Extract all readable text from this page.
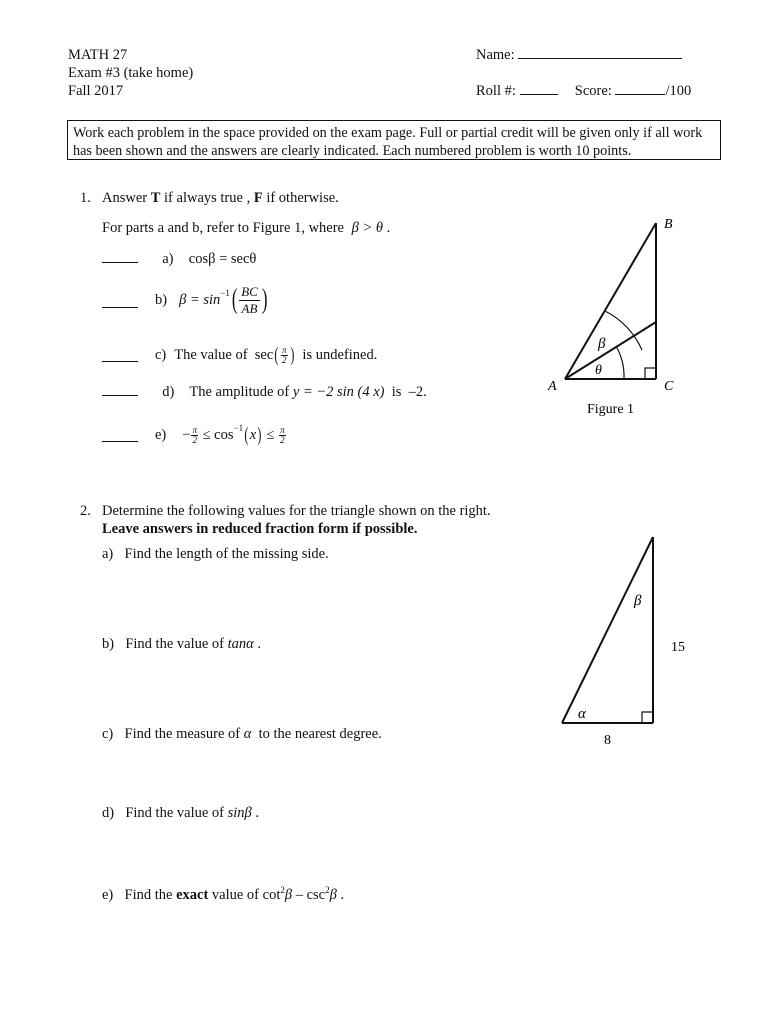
MATH 27
Exam #3 (take home)
Fall 2017
Name:
Roll #:	Score:	/100
Work each problem in the space provided on the exam page. Full or partial credit will be given only if all work has been shown and the answers are clearly indicated. Each numbered problem is worth 10 points.
1. Answer T if always true , F if otherwise.
For parts a and b, refer to Figure 1, where β > θ .
a) cosβ = secθ
b) $\beta = \sin^{-1}$ ( $\frac{BC}{AB}$ )
c) The value of  sec ( $\frac{\pi}{2}$ ) is undefined.
d) The amplitude of y = −2 sin (4 x)  is  –2.
$e) - \frac{\pi}{2} \le \cos^{-1}$ ( x ) ≤ $\frac{\pi}{2}$
B
A	C
β
θ
Figure 1
2. Determine the following values for the triangle shown on the right.
Leave answers in reduced fraction form if possible.
a) Find the length of the missing side.
b) Find the value of tanα .
c) Find the measure of α  to the nearest degree.
d) Find the value of sinβ .
e) Find the exact value of $\cot^2\beta - \csc^2\beta$ .
β
α
15
8
